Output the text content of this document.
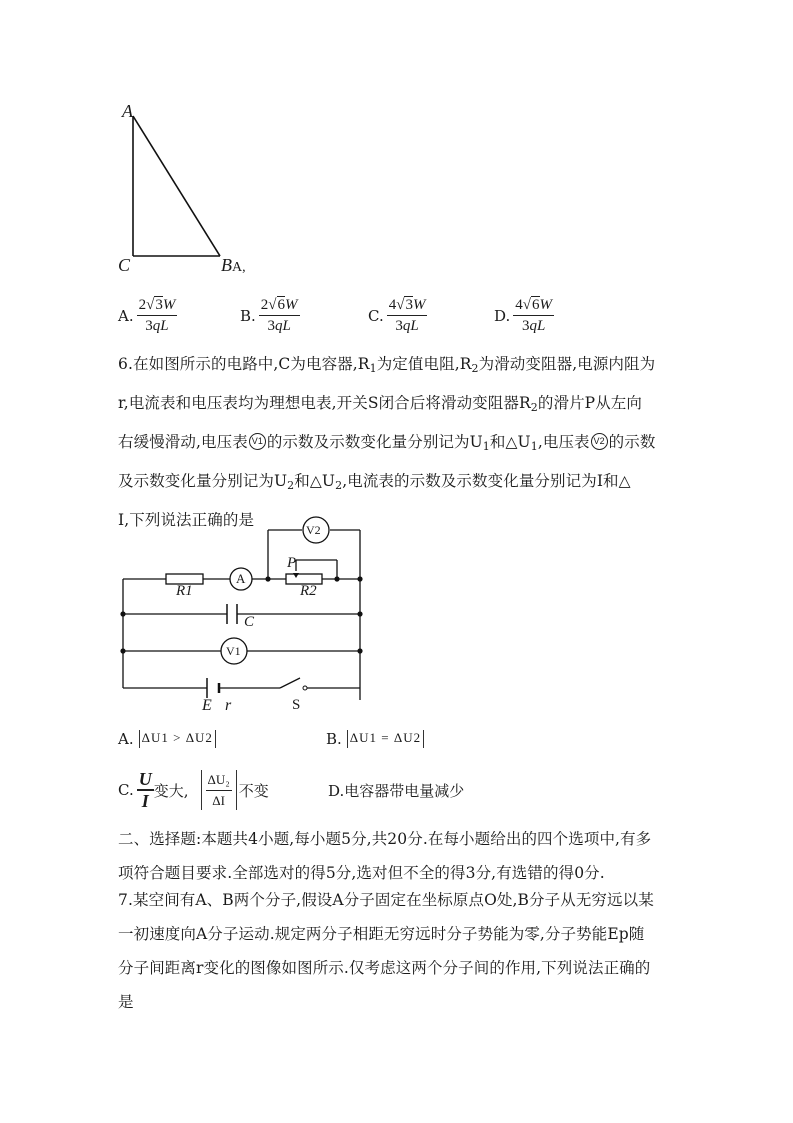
A
C	BA,
A. $\frac{2√3W}{3qL}$	B. $\frac{2√6W}{3qL}$	C. $\frac{4√3W}{3qL}$	D. $\frac{4√6W}{3qL}$
6.在如图所示的电路中,C为电容器$,R_1$为定值电阻$,R_2$为滑动变阻器,电源内阻为
r,电流表和电压表均为理想电表,开关S闭合后将滑动变阻器$R_2$的滑片P从左向
右缓慢滑动,电压表 V1 的示数及示数变化量分别记为$U_1$和$\triangle U_1$,电压表 V2 的示数
及示数变化量分别记为$U_2$和$\triangle U_2$,电流表的示数及示数变化量分别记为I和△
I,下列说法正确的是
V2
P
A
R1	R2
C
V1
E r	S
A. ΔU1 > ΔU2	B. ΔU1 = ΔU2
C. $\frac{U}{I}$ 变大, $\frac{\text{ΔU₂}}{\Delta I}$ 不变	D.电容器带电量减少
二、选择题:本题共4小题,每小题5分,共20分.在每小题给出的四个选项中,有多
项符合题目要求.全部选对的得5分,选对但不全的得3分,有选错的得0分.
7.某空间有A、B两个分子,假设A分子固定在坐标原点O处,B分子从无穷远以某
一初速度向A分子运动.规定两分子相距无穷远时分子势能为零,分子势能Ep随
分子间距离r变化的图像如图所示.仅考虑这两个分子间的作用,下列说法正确的
是
